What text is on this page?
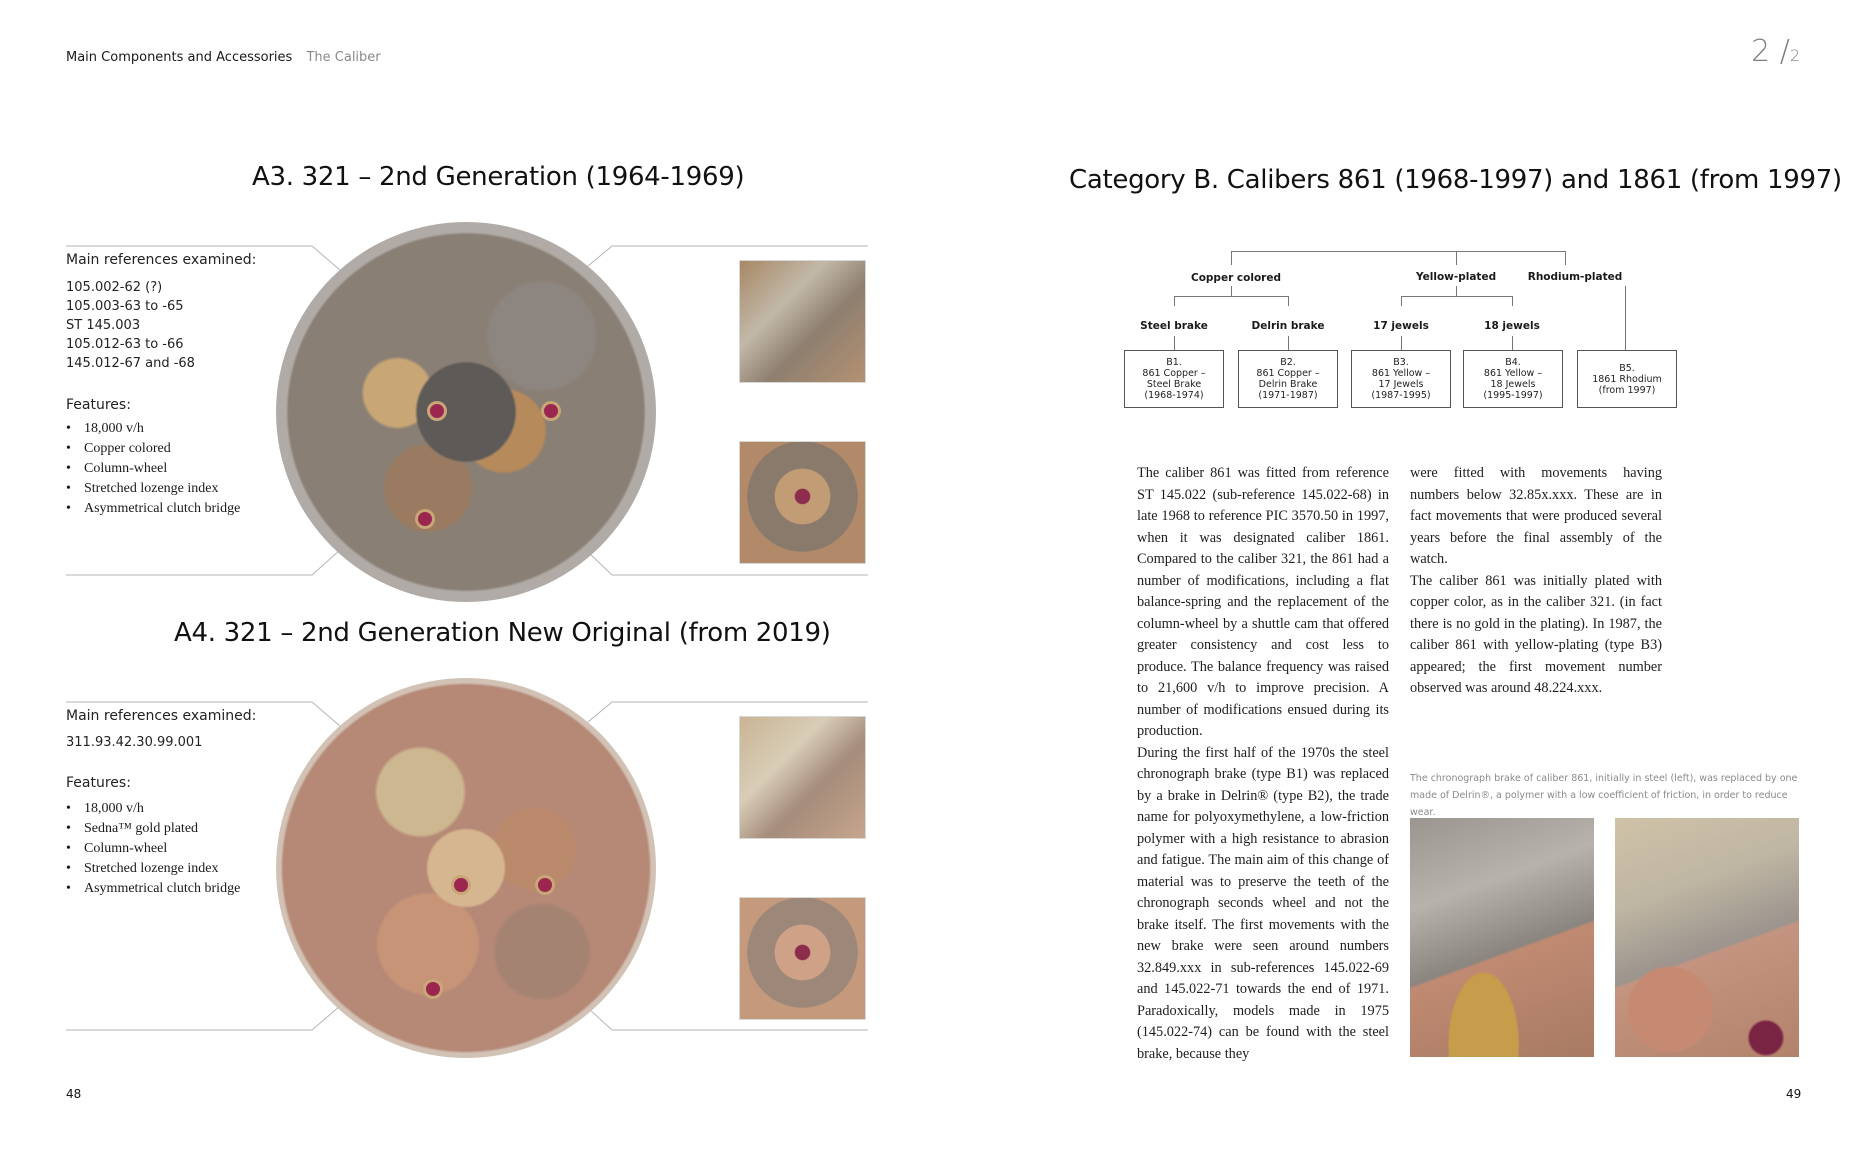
Main Components and Accessories The Caliber	2 /2
A3. 321 – 2nd Generation (1964-1969)
Main references examined:
105.002-62 (?)
105.003-63 to -65
ST 145.003
105.012-63 to -66
145.012-67 and -68
Features:
• 18,000 v/h
• Copper colored
• Column-wheel
• Stretched lozenge index
• Asymmetrical clutch bridge
A4. 321 – 2nd Generation New Original (from 2019)
Main references examined:
311.93.42.30.99.001
Features:
• 18,000 v/h
• Sedna™ gold plated
• Column-wheel
• Stretched lozenge index
• Asymmetrical clutch bridge
48
Category B. Calibers 861 (1968-1997) and 1861 (from 1997)
Copper colored	Yellow-plated	Rhodium-plated
Steel brake	Delrin brake	17 jewels	18 jewels
B1.
861 Copper –
Steel Brake
(1968-1974)
B2.
861 Copper –
Delrin Brake
(1971-1987)
B3.
861 Yellow –
17 Jewels
(1987-1995)
B4.
861 Yellow –
18 Jewels
(1995-1997)
B5.
1861 Rhodium
(from 1997)

The caliber 861 was fitted from reference ST 145.022 (sub-reference 145.022-68) in late 1968 to reference PIC 3570.50 in 1997, when it was designated caliber 1861. Compared to the caliber 321, the 861 had a number of modifications, including a flat balance-spring and the replacement of the column-wheel by a shuttle cam that offered greater consistency and cost less to produce. The balance frequency was raised to 21,600 v/h to improve precision. A number of modifications ensued during its production.

During the first half of the 1970s the steel chronograph brake (type B1) was replaced by a brake in Delrin® (type B2), the trade name for polyoxymethylene, a low-friction polymer with a high resistance to abrasion and fatigue. The main aim of this change of material was to preserve the teeth of the chronograph seconds wheel and not the brake itself. The first movements with the new brake were seen around numbers 32.849.xxx in sub-references 145.022-69 and 145.022-71 towards the end of 1971. Paradoxically, models made in 1975 (145.022-74) can be found with the steel brake, because they

were fitted with movements having numbers below 32.85x.xxx. These are in fact movements that were produced several years before the final assembly of the watch.

The caliber 861 was initially plated with copper color, as in the caliber 321. (in fact there is no gold in the plating). In 1987, the caliber 861 with yellow-plating (type B3) appeared; the first movement number observed was around 48.224.xxx.

The chronograph brake of caliber 861, initially in steel (left), was replaced by one made of Delrin®, a polymer with a low coefficient of friction, in order to reduce wear.
49
